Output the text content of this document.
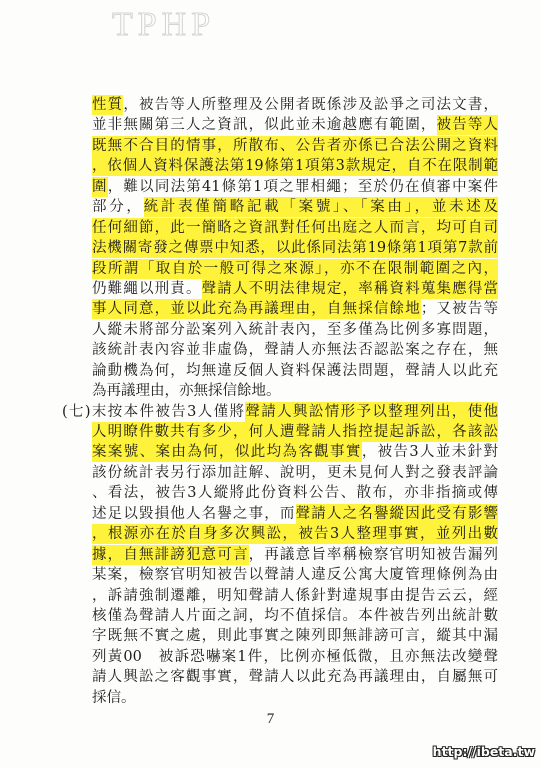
TPHP
性質，被告等人所整理及公開者既係涉及訟爭之司法文書，
並非無關第三人之資訊，似此並未逾越應有範圍，被告等人
既無不合目的情事，所散布、公告者亦係已合法公開之資料
，依個人資料保護法第19條第1項第3款規定，自不在限制範
圍，難以同法第41條第1項之罪相繩；至於仍在偵審中案件
部分，統計表僅簡略記載「案號」、「案由」，並未述及
任何細節，此一簡略之資訊對任何出庭之人而言，均可自司
法機關寄發之傳票中知悉，以此係同法第19條第1項第7款前
段所謂「取自於一般可得之來源」，亦不在限制範圍之內，
仍難繩以刑責。聲請人不明法律規定，率稱資料蒐集應得當
事人同意，並以此充為再議理由，自無採信餘地；又被告等
人縱未將部分訟案列入統計表內，至多僅為比例多寡問題，
該統計表內容並非虛偽，聲請人亦無法否認訟案之存在，無
論動機為何，均無違反個人資料保護法問題，聲請人以此充
為再議理由，亦無採信餘地。
(七)末按本件被告3人僅將聲請人興訟情形予以整理列出，使他
人明瞭件數共有多少，何人遭聲請人指控提起訴訟，各該訟
案案號、案由為何，似此均為客觀事實，被告3人並未針對
該份統計表另行添加註解、說明，更未見何人對之發表評論
、看法，被告3人縱將此份資料公告、散布，亦非指摘或傳
述足以毀損他人名譽之事，而聲請人之名譽縱因此受有影響
，根源亦在於自身多次興訟，被告3人整理事實，並列出數
據，自無誹謗犯意可言，再議意旨率稱檢察官明知被告漏列
某案，檢察官明知被告以聲請人違反公寓大廈管理條例為由
，訴請強制遷離，明知聲請人係針對違規事由提告云云，經
核僅為聲請人片面之詞，均不值採信。本件被告列出統計數
字既無不實之處，則此事實之陳列即無誹謗可言，縱其中漏
列黃00　被訴恐嚇案1件，比例亦極低微，且亦無法改變聲
請人興訟之客觀事實，聲請人以此充為再議理由，自屬無可
採信。
7
http://ibeta.tw
